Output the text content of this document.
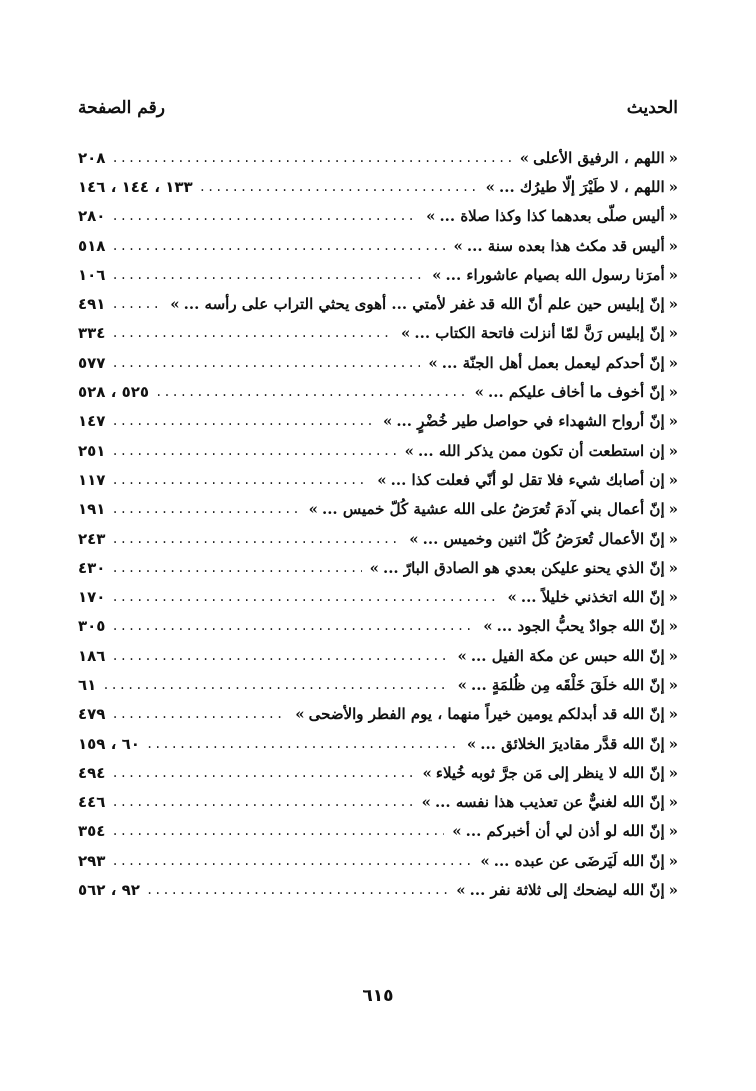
الحديث
رقم الصفحة
«
اللهم ، الرفيق الأعلى
»
.....
٢٠٨
«
اللهم ، لا طَيْرَ إلّا طيرُك ...
»
.....
١٣٣ ، ١٤٤ ، ١٤٦
«
أليس صلّى بعدهما كذا وكذا صلاة ...
»
.....
٢٨٠
«
أليس قد مكث هذا بعده سنة ...
»
.....
٥١٨
«
أمرَنا رسول الله بصيام عاشوراء ...
»
.....
١٠٦
«
إنّ إبليس حين علم أنّ الله قد غفر لأمتي ... أهوى يحثي التراب على رأسه ...
»
.....
٤٩١
«
إنّ إبليس رَنَّ لمّا أنزلت فاتحة الكتاب ...
»
.....
٣٣٤
«
إنّ أحدكم ليعمل بعمل أهل الجنّة ...
»
.....
٥٧٧
«
إنّ أخوف ما أخاف عليكم ...
»
.....
٥٢٥ ، ٥٢٨
«
إنّ أرواح الشهداء في حواصل طير خُضْرٍ ...
»
.....
١٤٧
«
إن استطعت أن تكون ممن يذكر الله ...
»
.....
٢٥١
«
إن أصابك شيء فلا تقل لو أنّي فعلت كذا ...
»
.....
١١٧
«
إنّ أعمال بني آدمَ تُعرَضُ على الله عشية كُلّ خميس ...
»
.....
١٩١
«
إنّ الأعمال تُعرَضُ كُلّ اثنين وخميس ...
»
.....
٢٤٣
«
إنّ الذي يحنو عليكن بعدي هو الصادق البارّ ...
»
.....
٤٣٠
«
إنّ الله اتخذني خليلاً ...
»
.....
١٧٠
«
إنّ الله جوادٌ يحبُّ الجود ...
»
.....
٣٠٥
«
إنّ الله حبس عن مكة الفيل ...
»
.....
١٨٦
«
إنّ الله خلَقَ خَلْقَه مِن ظُلمَةٍ ...
»
.....
٦١
«
إنّ الله قد أبدلكم يومين خيراً منهما ، يوم الفطر والأضحى
»
.....
٤٧٩
«
إنّ الله قدَّر مقاديرَ الخلائق ...
»
.....
٦٠ ، ١٥٩
«
إنّ الله لا ينظر إلى مَن جرَّ ثوبه خُيلاء
»
.....
٤٩٤
«
إنّ الله لغنيٌّ عن تعذيب هذا نفسه ...
»
.....
٤٤٦
«
إنّ الله لو أذن لي أن أخبركم ...
»
.....
٣٥٤
«
إنّ الله لَيَرضَى عن عبده ...
»
.....
٢٩٣
«
إنّ الله ليضحك إلى ثلاثة نفر ...
»
.....
٩٢ ، ٥٦٢
٦١٥
